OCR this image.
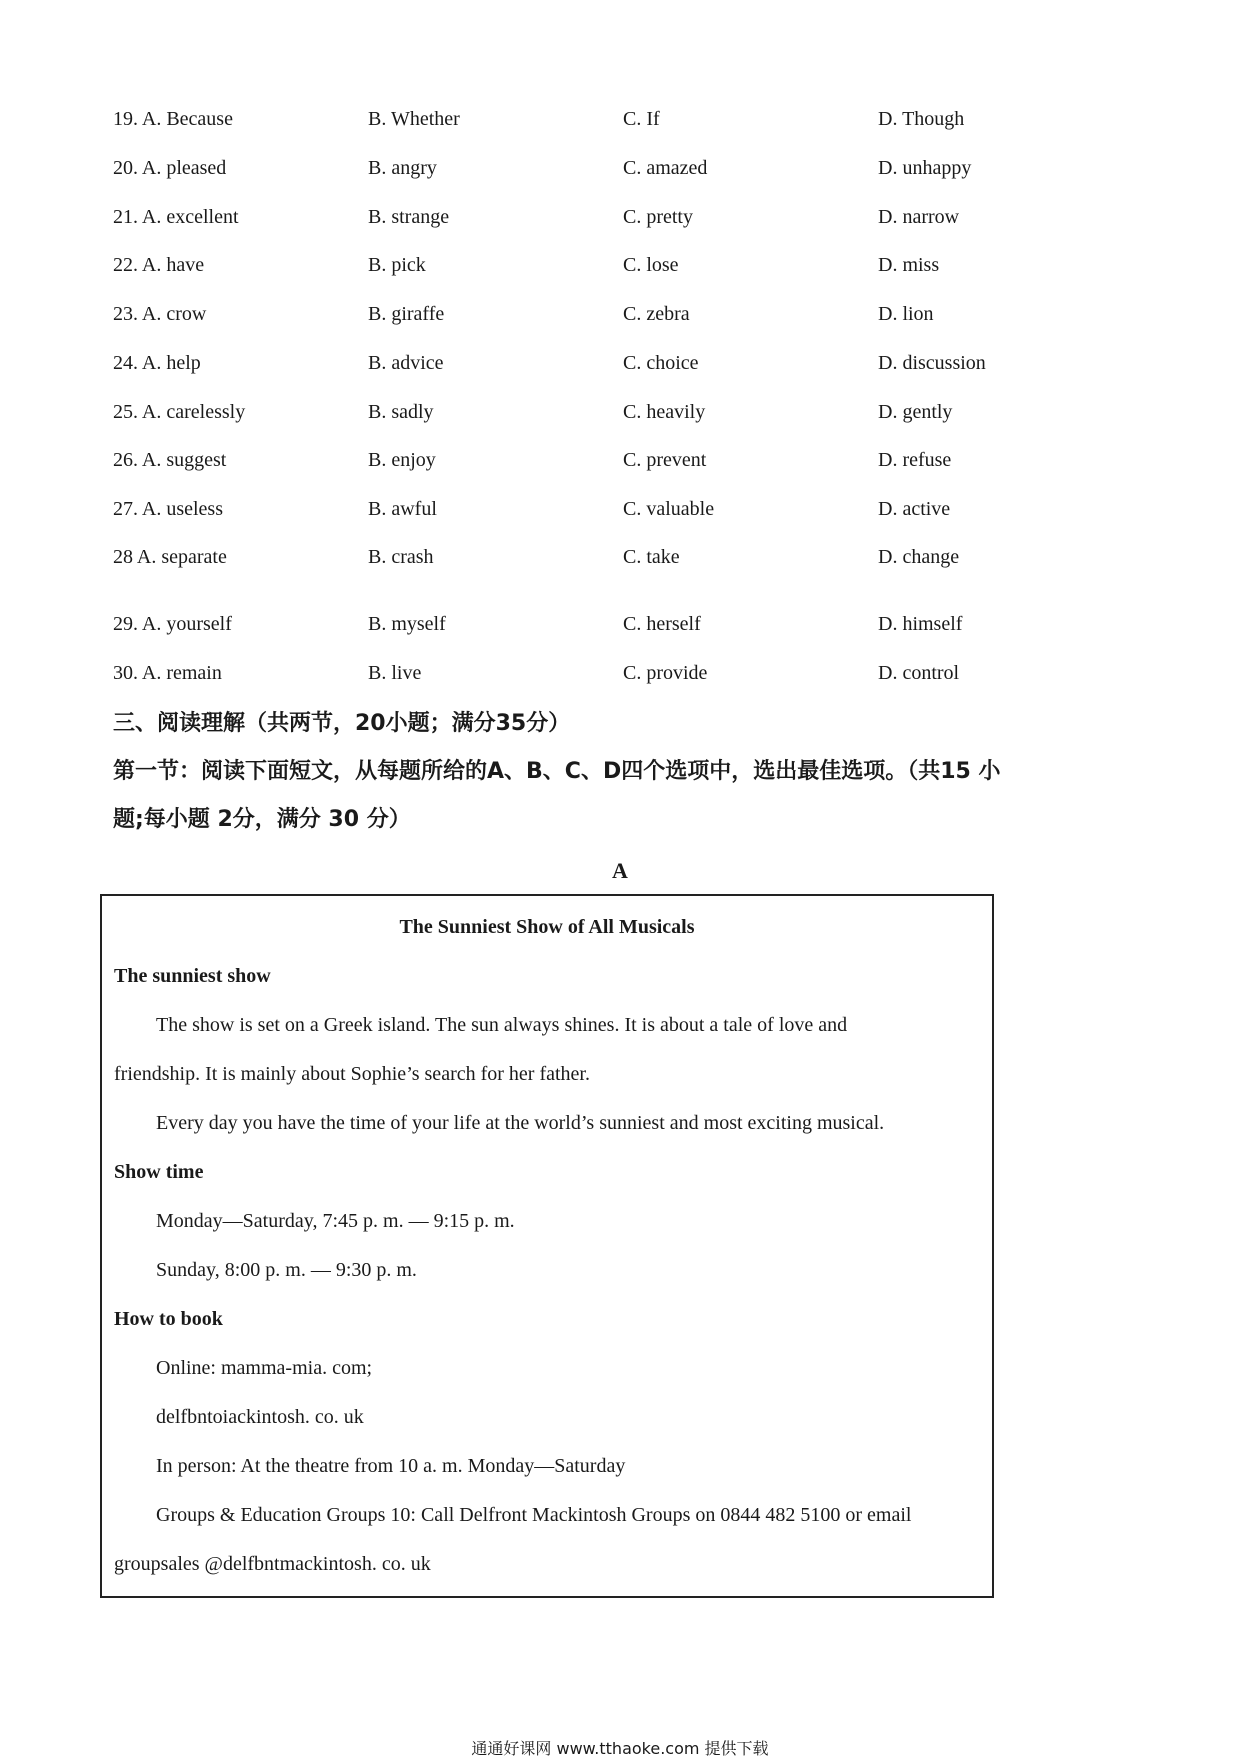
19. A. Because	B. Whether	C. If	D. Though
20. A. pleased	B. angry	C. amazed	D. unhappy
21. A. excellent	B. strange	C. pretty	D. narrow
22. A. have	B. pick	C. lose	D. miss
23. A. crow	B. giraffe	C. zebra	D. lion
24. A. help	B. advice	C. choice	D. discussion
25. A. carelessly	B. sadly	C. heavily	D. gently
26. A. suggest	B. enjoy	C. prevent	D. refuse
27. A. useless	B. awful	C. valuable	D. active
28 A. separate	B. crash	C. take	D. change
29. A. yourself	B. myself	C. herself	D. himself
30. A. remain	B. live	C. provide	D. control
三、阅读理解（共两节，20小题；满分35分）
第一节：阅读下面短文，从每题所给的A、B、C、D四个选项中，选出最佳选项。（共15 小
题;每小题 2分，满分 30 分）
A
The Sunniest Show of All Musicals
The sunniest show
The show is set on a Greek island. The sun always shines. It is about a tale of love and
friendship. It is mainly about Sophie’s search for her father.
Every day you have the time of your life at the world’s sunniest and most exciting musical.
Show time
Monday—Saturday, 7:45 p. m. — 9:15 p. m.
Sunday, 8:00 p. m. — 9:30 p. m.
How to book
Online: mamma-mia. com;
delfbntoiackintosh. co. uk
In person: At the theatre from 10 a. m. Monday—Saturday
Groups & Education Groups 10: Call Delfront Mackintosh Groups on 0844 482 5100 or email
groupsales @delfbntmackintosh. co. uk
通通好课网 www.tthaoke.com 提供下载
